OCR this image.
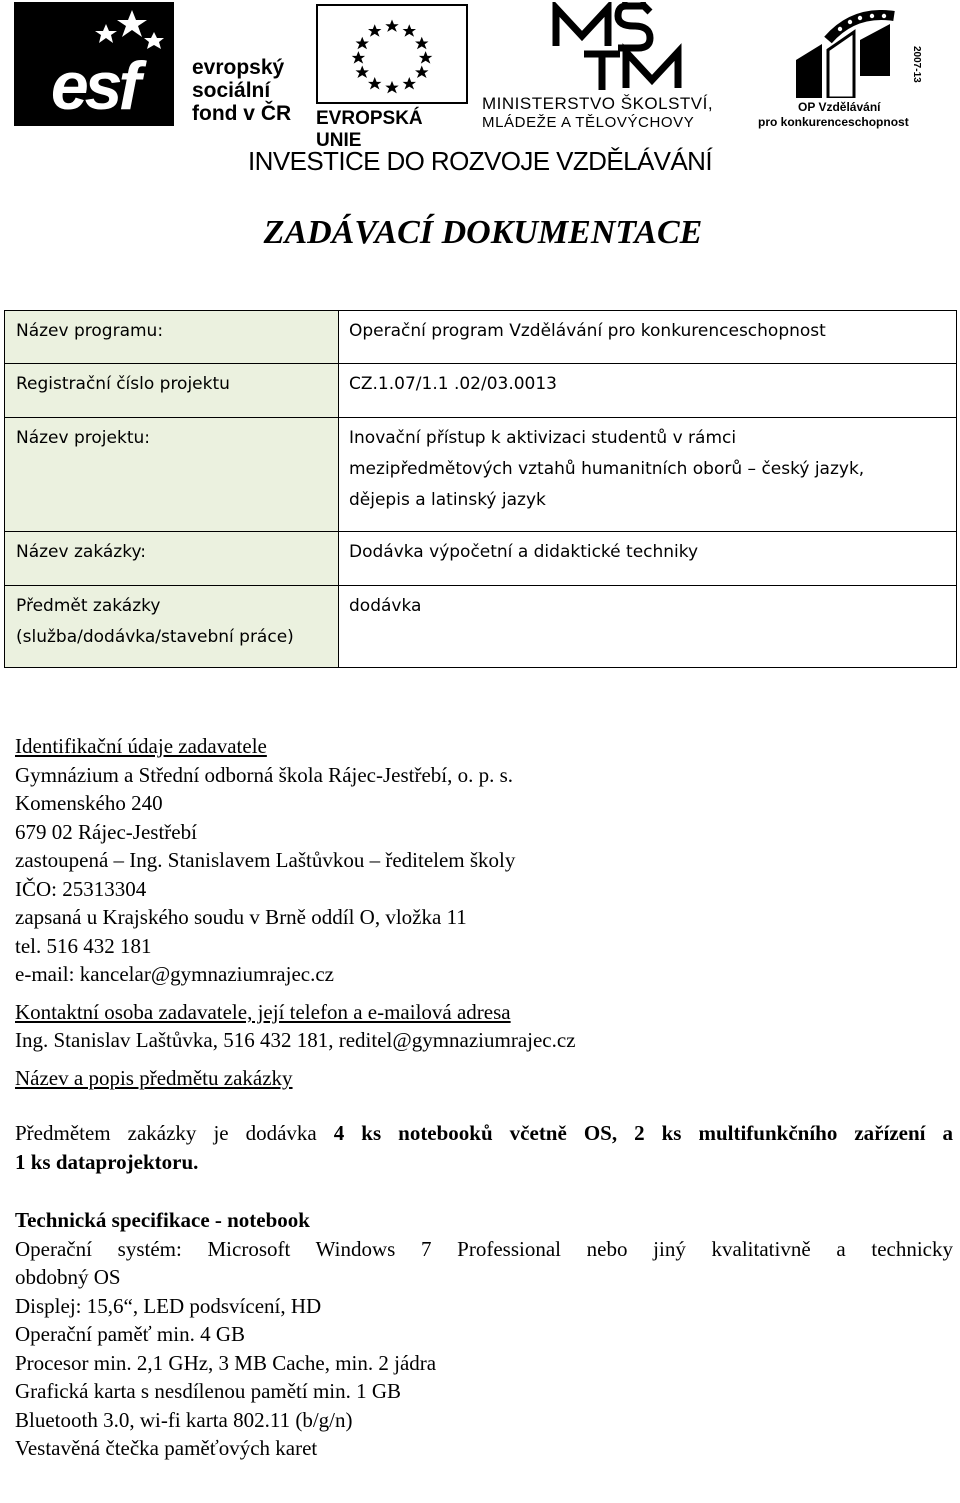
esf	evropský
sociální
fond v ČR EVROPSKÁ UNIE
MINISTERSTVO ŠKOLSTVÍ,
MLÁDEŽE A TĚLOVÝCHOVY
2007-13
OP Vzdělávání
pro konkurenceschopnost
INVESTICE DO ROZVOJE VZDĚLÁVÁNÍ
ZADÁVACÍ DOKUMENTACE
Název programu:	Operační program Vzdělávání pro konkurenceschopnost
Registrační číslo projektu	CZ.1.07/1.1 .02/03.0013
Název projektu:	Inovační přístup k aktivizaci studentů v rámci
mezipředmětových vztahů humanitních oborů – český jazyk,
dějepis a latinský jazyk

Název zakázky:	Dodávka výpočetní a didaktické techniky

Předmět zakázky
(služba/dodávka/stavební práce)	dodávka

Identifikační údaje zadavatele

Gymnázium a Střední odborná škola Rájec-Jestřebí, o. p. s.

Komenského 240

679 02 Rájec-Jestřebí

zastoupená – Ing. Stanislavem Laštůvkou – ředitelem školy

IČO: 25313304

zapsaná u Krajského soudu v Brně oddíl O, vložka 11

tel. 516 432 181

e-mail: kancelar@gymnaziumrajec.cz

Kontaktní osoba zadavatele, její telefon a e-mailová adresa

Ing. Stanislav Laštůvka, 516 432 181, reditel@gymnaziumrajec.cz

Název a popis předmětu zakázky

Předmětem zakázky je dodávka 4 ks notebooků včetně OS, 2 ks multifunkčního zařízení a

1 ks dataprojektoru.

Technická specifikace - notebook

Operační systém: Microsoft Windows 7 Professional nebo jiný kvalitativně a technicky

obdobný OS

Displej: 15,6“, LED podsvícení, HD

Operační paměť min. 4 GB

Procesor min. 2,1 GHz, 3 MB Cache, min. 2 jádra

Grafická karta s nesdílenou pamětí min. 1 GB

Bluetooth 3.0, wi-fi karta 802.11 (b/g/n)

Vestavěná čtečka paměťových karet
